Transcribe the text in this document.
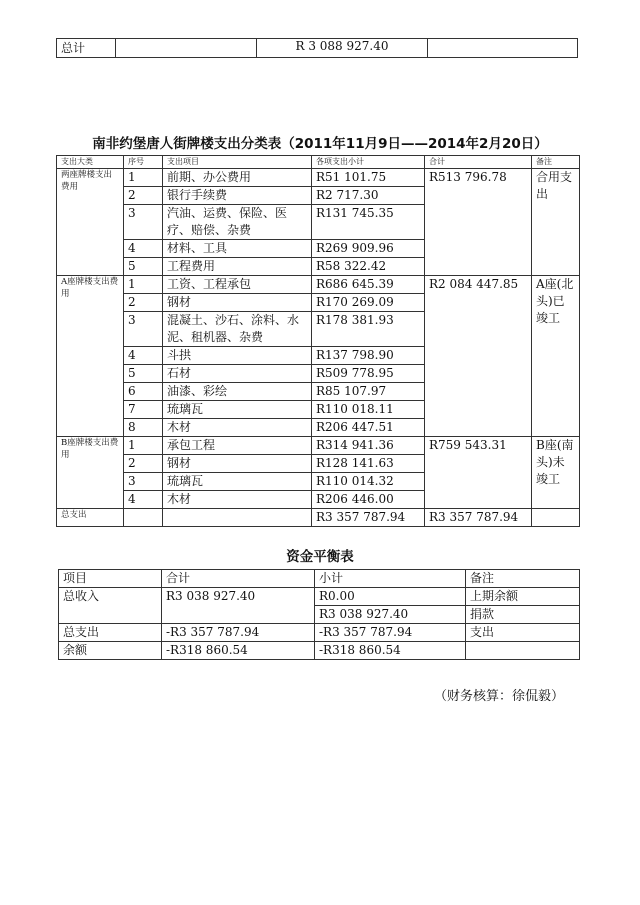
总计		R 3 088 927.40	
南非约堡唐人街牌楼支出分类表（2011年11月9日——2014年2月20日）
支出大类	序号	支出项目	各项支出小计	合计	备注
两座牌楼支出费用	1	前期、办公费用	R51 101.75	R513 796.78	合用支出
	2	银行手续费	R2 717.30		
	3	汽油、运费、保险、医疗、赔偿、杂费	R131 745.35		
	4	材料、工具	R269 909.96		
	5	工程费用	R58 322.42		
A座牌楼支出费用	1	工资、工程承包	R686 645.39	R2 084 447.85	A座(北头)已竣工
	2	钢材	R170 269.09		
	3	混凝土、沙石、涂料、水泥、租机器、杂费	R178 381.93		
	4	斗拱	R137 798.90		
	5	石材	R509 778.95		
	6	油漆、彩绘	R85 107.97		
	7	琉璃瓦	R110 018.11		
	8	木材	R206 447.51		
B座牌楼支出费用	1	承包工程	R314 941.36	R759 543.31	B座(南头)未竣工
	2	钢材	R128 141.63		
	3	琉璃瓦	R110 014.32		
	4	木材	R206 446.00		
总支出			R3 357 787.94	R3 357 787.94	
资金平衡表
项目	合计	小计	备注
总收入	R3 038 927.40	R0.00	上期余额
		R3 038 927.40	捐款
总支出	-R3 357 787.94	-R3 357 787.94	支出
余额	-R318 860.54	-R318 860.54	
（财务核算：徐侃毅）
